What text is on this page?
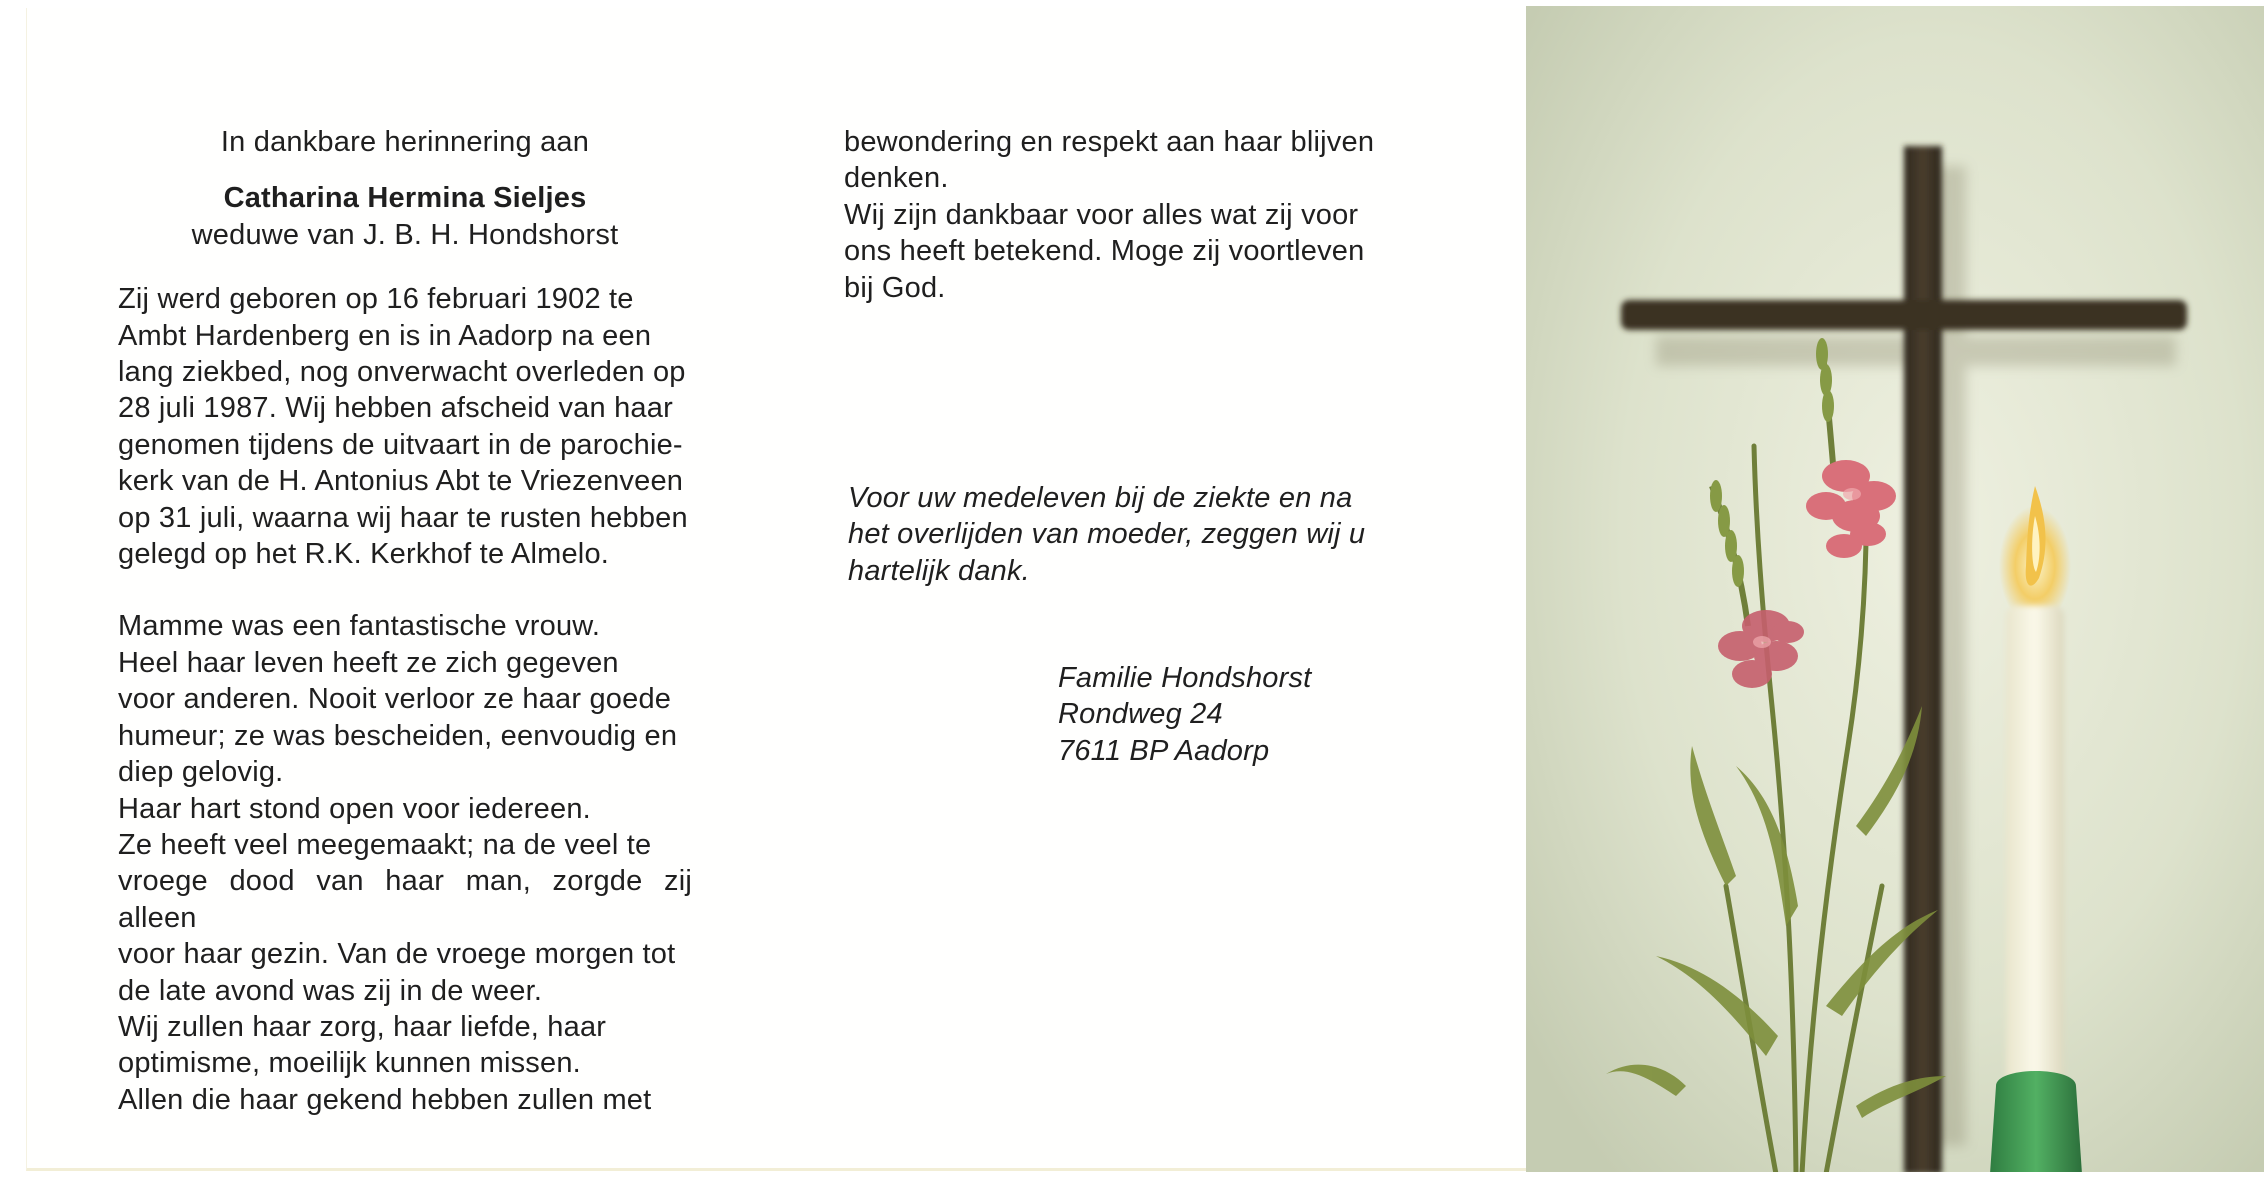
In dankbare herinnering aan

Catharina Hermina Sieljes

weduwe van J. B. H. Hondshorst

Zij werd geboren op 16 februari 1902 te
Ambt Hardenberg en is in Aadorp na een
lang ziekbed, nog onverwacht overleden op
28 juli 1987. Wij hebben afscheid van haar
genomen tijdens de uitvaart in de parochie-
kerk van de H. Antonius Abt te Vriezenveen
op 31 juli, waarna wij haar te rusten hebben
gelegd op het R.K. Kerkhof te Almelo.

Mamme was een fantastische vrouw.
Heel haar leven heeft ze zich gegeven
voor anderen. Nooit verloor ze haar goede
humeur; ze was bescheiden, eenvoudig en
diep gelovig.
Haar hart stond open voor iedereen.
Ze heeft veel meegemaakt; na de veel te
vroege dood van haar man, zorgde zij alleen
voor haar gezin. Van de vroege morgen tot
de late avond was zij in de weer.
Wij zullen haar zorg, haar liefde, haar
optimisme, moeilijk kunnen missen.
Allen die haar gekend hebben zullen met

bewondering en respekt aan haar blijven
denken.
Wij zijn dankbaar voor alles wat zij voor
ons heeft betekend. Moge zij voortleven
bij God.

Voor uw medeleven bij de ziekte en na
het overlijden van moeder, zeggen wij u
hartelijk dank.

Familie Hondshorst

Rondweg 24

7611 BP Aadorp
